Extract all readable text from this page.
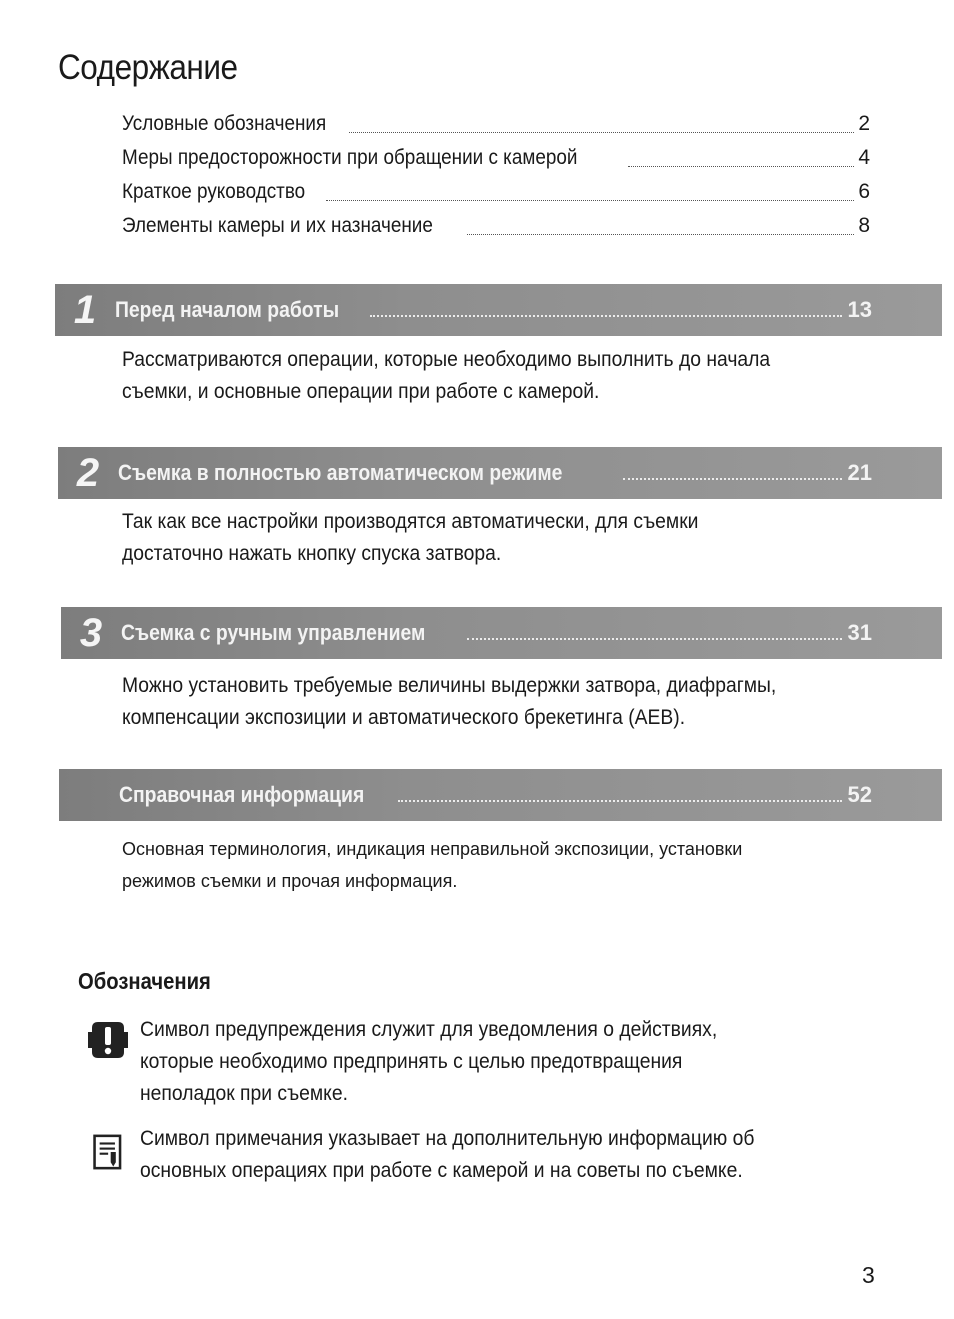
Содержание
Условные обозначения	2
Меры предосторожности при обращении с камерой	4
Краткое руководство	6
Элементы камеры и их назначение	8
1 Перед началом работы	13
Рассматриваются операции, которые необходимо выполнить до начала
съемки, и основные операции при работе с камерой.
2 Съемка в полностью автоматическом режиме	21
Так как все настройки производятся автоматически, для съемки
достаточно нажать кнопку спуска затвора.
3 Съемка с ручным управлением	31
Можно установить требуемые величины выдержки затвора, диафрагмы,
компенсации экспозиции и автоматического брекетинга (AEB).
Справочная информация	52
Основная терминология, индикация неправильной экспозиции, установки
режимов съемки и прочая информация.
Обозначения
Символ предупреждения служит для уведомления о действиях,
которые необходимо предпринять с целью предотвращения
неполадок при съемке.
Символ примечания указывает на дополнительную информацию об
основных операциях при работе с камерой и на советы по съемке.
3
